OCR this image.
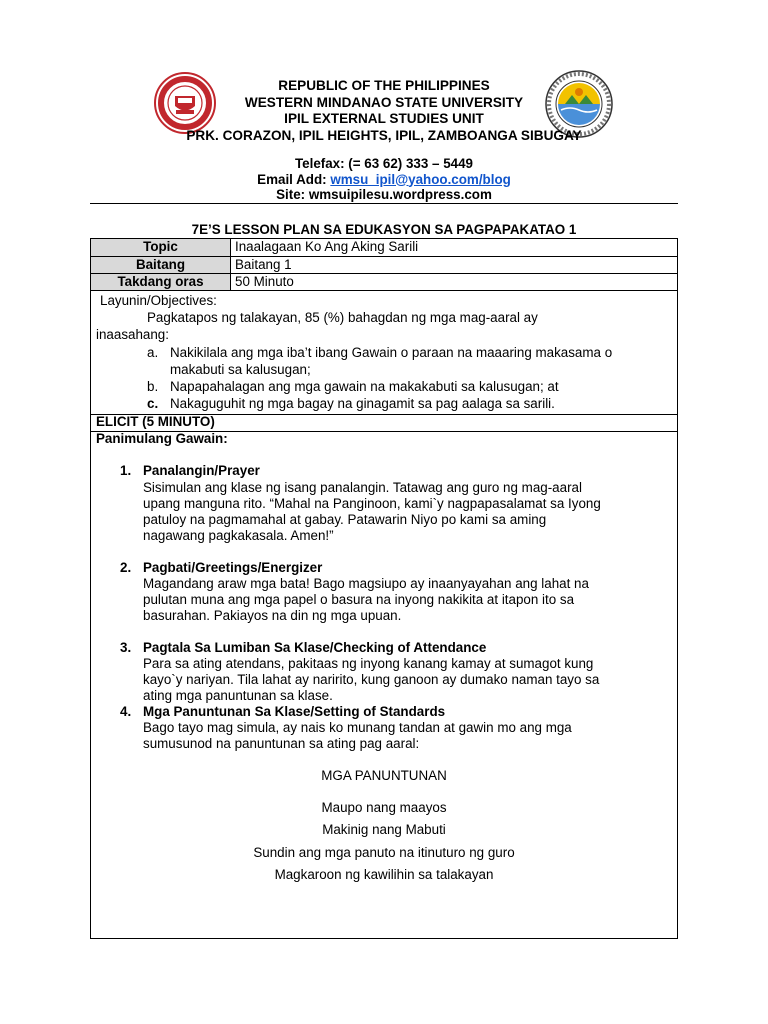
REPUBLIC OF THE PHILIPPINES
WESTERN MINDANAO STATE UNIVERSITY
IPIL EXTERNAL STUDIES UNIT
PRK. CORAZON, IPIL HEIGHTS, IPIL, ZAMBOANGA SIBUGAY
Telefax: (= 63 62) 333 – 5449
Email Add: wmsu_ipil@yahoo.com/blog
Site: wmsuipilesu.wordpress.com
7E’S LESSON PLAN SA EDUKASYON SA PAGPAPAKATAO 1
Topic	Inaalagaan Ko Ang Aking Sarili
Baitang	Baitang 1
Takdang oras	50 Minuto
Layunin/Objectives:
Pagkatapos ng talakayan, 85 (%) bahagdan ng mga mag-aaral ay
inaasahang:
a. Nakikilala ang mga iba’t ibang Gawain o paraan na maaaring makasama o
makabuti sa kalusugan;
b. Napapahalagan ang mga gawain na makakabuti sa kalusugan; at
c. Nakaguguhit ng mga bagay na ginagamit sa pag aalaga sa sarili.
ELICIT (5 MINUTO)
Panimulang Gawain:
1. Panalangin/Prayer
Sisimulan ang klase ng isang panalangin. Tatawag ang guro ng mag-aaral
upang manguna rito. “Mahal na Panginoon, kami`y nagpapasalamat sa Iyong
patuloy na pagmamahal at gabay. Patawarin Niyo po kami sa aming
nagawang pagkakasala. Amen!”
2. Pagbati/Greetings/Energizer
Magandang araw mga bata! Bago magsiupo ay inaanyayahan ang lahat na
pulutan muna ang mga papel o basura na inyong nakikita at itapon ito sa
basurahan. Pakiayos na din ng mga upuan.
3. Pagtala Sa Lumiban Sa Klase/Checking of Attendance
Para sa ating atendans, pakitaas ng inyong kanang kamay at sumagot kung
kayo`y nariyan. Tila lahat ay naririto, kung ganoon ay dumako naman tayo sa
ating mga panuntunan sa klase.
4. Mga Panuntunan Sa Klase/Setting of Standards
Bago tayo mag simula, ay nais ko munang tandan at gawin mo ang mga
sumusunod na panuntunan sa ating pag aaral:
MGA PANUNTUNAN
Maupo nang maayos
Makinig nang Mabuti
Sundin ang mga panuto na itinuturo ng guro
Magkaroon ng kawilihin sa talakayan
